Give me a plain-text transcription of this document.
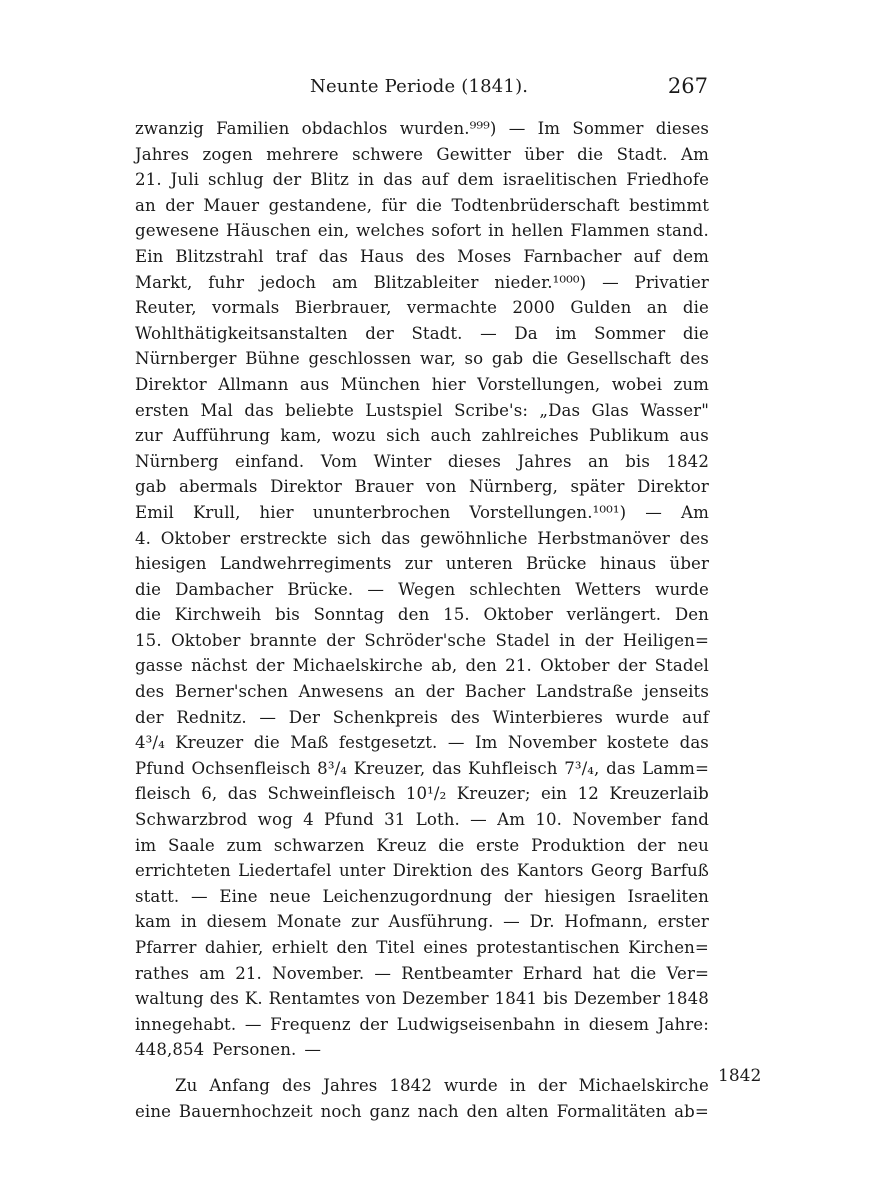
Neunte Periode (1841).	267
zwanzig Familien obdachlos wurden.⁹⁹⁹) — Im Sommer dieses
Jahres zogen mehrere schwere Gewitter über die Stadt. Am
21. Juli schlug der Blitz in das auf dem israelitischen Friedhofe
an der Mauer gestandene, für die Todtenbrüderschaft bestimmt
gewesene Häuschen ein, welches sofort in hellen Flammen stand.
Ein Blitzstrahl traf das Haus des Moses Farnbacher auf dem
Markt, fuhr jedoch am Blitzableiter nieder.¹⁰⁰⁰) — Privatier
Reuter, vormals Bierbrauer, vermachte 2000 Gulden an die
Wohlthätigkeitsanstalten der Stadt. — Da im Sommer die
Nürnberger Bühne geschlossen war, so gab die Gesellschaft des
Direktor Allmann aus München hier Vorstellungen, wobei zum
ersten Mal das beliebte Lustspiel Scribe's: „Das Glas Wasser"
zur Aufführung kam, wozu sich auch zahlreiches Publikum aus
Nürnberg einfand. Vom Winter dieses Jahres an bis 1842
gab abermals Direktor Brauer von Nürnberg, später Direktor
Emil Krull, hier ununterbrochen Vorstellungen.¹⁰⁰¹) — Am
4. Oktober erstreckte sich das gewöhnliche Herbstmanöver des
hiesigen Landwehrregiments zur unteren Brücke hinaus über
die Dambacher Brücke. — Wegen schlechten Wetters wurde
die Kirchweih bis Sonntag den 15. Oktober verlängert. Den
15. Oktober brannte der Schröder'sche Stadel in der Heiligen=
gasse nächst der Michaelskirche ab, den 21. Oktober der Stadel
des Berner'schen Anwesens an der Bacher Landstraße jenseits
der Rednitz. — Der Schenkpreis des Winterbieres wurde auf
4³/₄ Kreuzer die Maß festgesetzt. — Im November kostete das
Pfund Ochsenfleisch 8³/₄ Kreuzer, das Kuhfleisch 7³/₄, das Lamm=
fleisch 6, das Schweinfleisch 10¹/₂ Kreuzer; ein 12 Kreuzerlaib
Schwarzbrod wog 4 Pfund 31 Loth. — Am 10. November fand
im Saale zum schwarzen Kreuz die erste Produktion der neu
errichteten Liedertafel unter Direktion des Kantors Georg Barfuß
statt. — Eine neue Leichenzugordnung der hiesigen Israeliten
kam in diesem Monate zur Ausführung. — Dr. Hofmann, erster
Pfarrer dahier, erhielt den Titel eines protestantischen Kirchen=
rathes am 21. November. — Rentbeamter Erhard hat die Ver=
waltung des K. Rentamtes von Dezember 1841 bis Dezember 1848
innegehabt. — Frequenz der Ludwigseisenbahn in diesem Jahre:
448,854 Personen. —
Zu Anfang des Jahres 1842 wurde in der Michaelskirche
eine Bauernhochzeit noch ganz nach den alten Formalitäten ab=
1842
